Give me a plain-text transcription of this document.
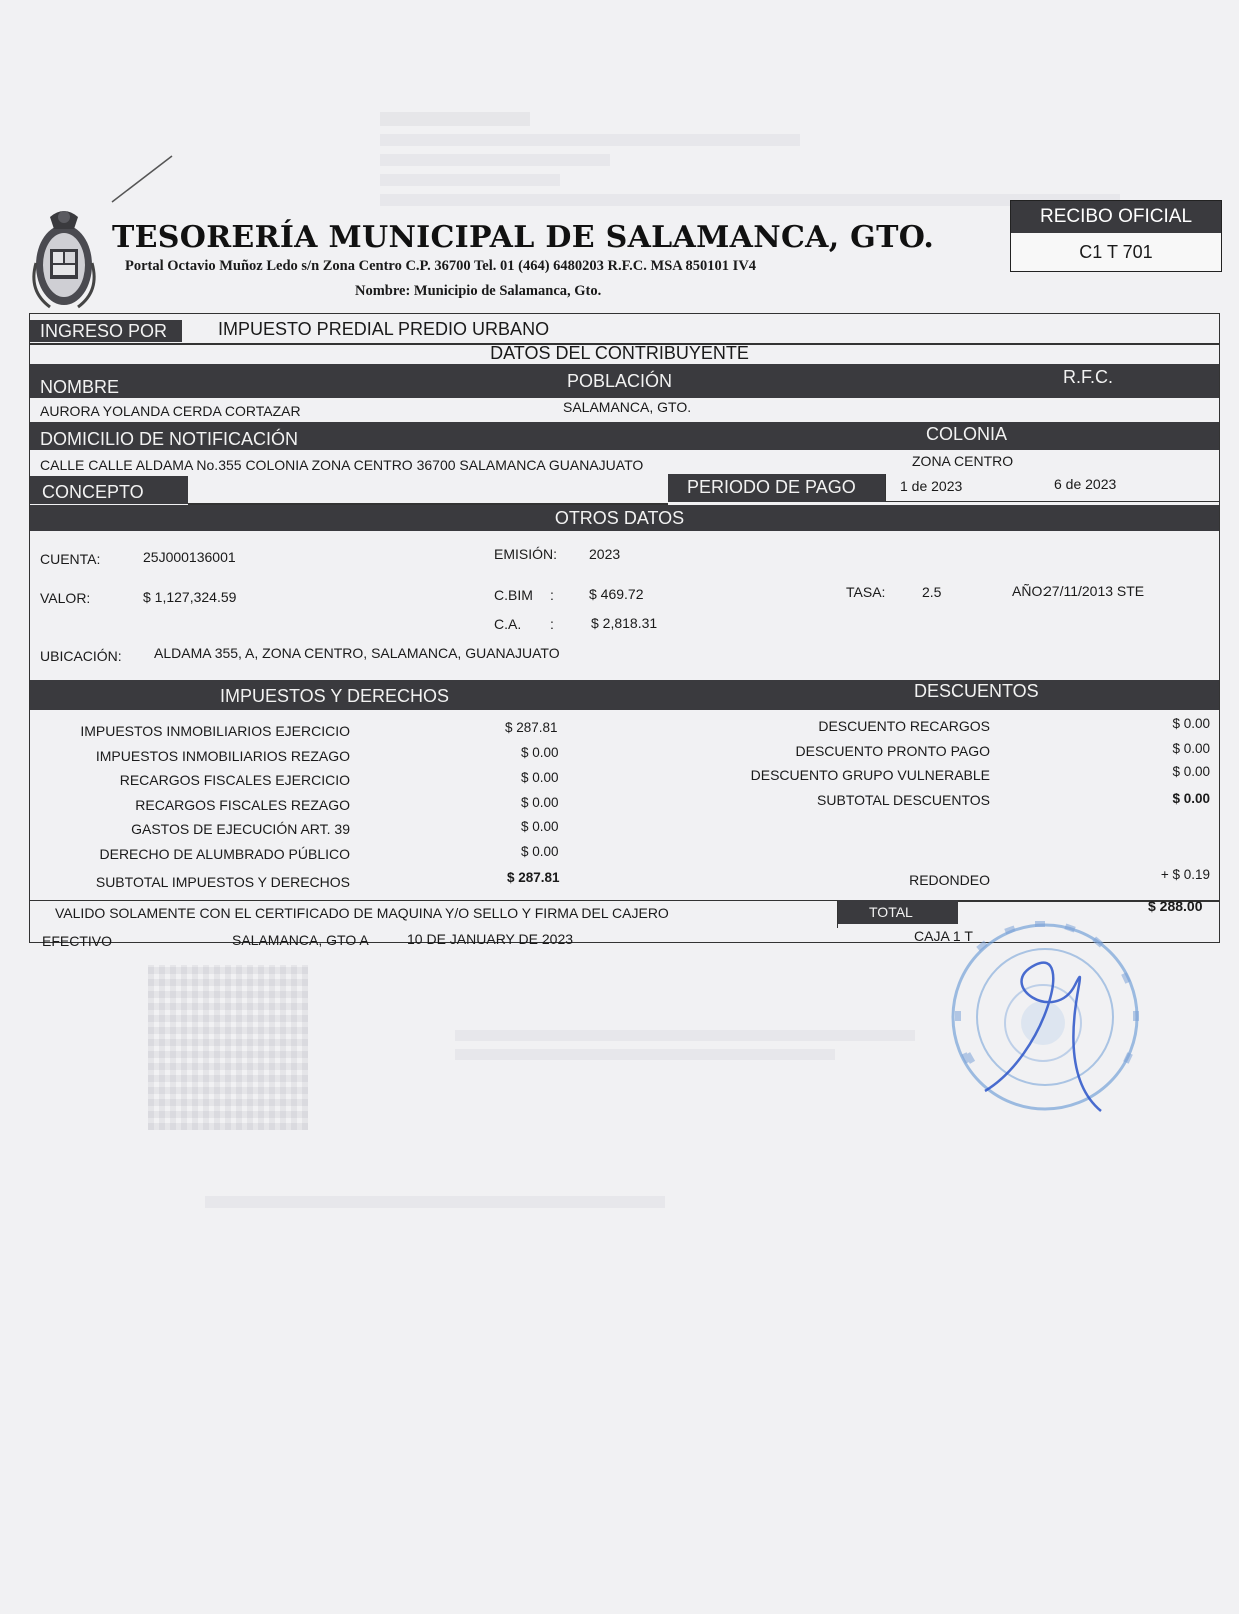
TESORERÍA MUNICIPAL DE SALAMANCA, GTO.
Portal Octavio Muñoz Ledo s/n Zona Centro C.P. 36700 Tel. 01 (464) 6480203 R.F.C. MSA 850101 IV4
Nombre: Municipio de Salamanca, Gto.
RECIBO OFICIAL
C1 T 701
INGRESO POR	IMPUESTO PREDIAL PREDIO URBANO
DATOS DEL CONTRIBUYENTE
NOMBRE	POBLACIÓN	R.F.C.
AURORA YOLANDA CERDA CORTAZAR	SALAMANCA, GTO.
DOMICILIO DE NOTIFICACIÓN	COLONIA
CALLE CALLE ALDAMA No.355 COLONIA ZONA CENTRO 36700 SALAMANCA GUANAJUATO	ZONA CENTRO
CONCEPTO	PERIODO DE PAGO	1 de 2023	6 de 2023
OTROS DATOS
CUENTA:	25J000136001	EMISIÓN: 2023
VALOR:	$ 1,127,324.59	C.BIM :	$ 469.72	TASA:	2.5	AÑO:
27/11/2013 STE
C.A. :	$ 2,818.31
UBICACIÓN: ALDAMA 355, A, ZONA CENTRO, SALAMANCA, GUANAJUATO
IMPUESTOS Y DERECHOS	DESCUENTOS
IMPUESTOS INMOBILIARIOS EJERCICIO	$ 287.81
IMPUESTOS INMOBILIARIOS REZAGO	$ 0.00
RECARGOS FISCALES EJERCICIO	$ 0.00
RECARGOS FISCALES REZAGO	$ 0.00
GASTOS DE EJECUCIÓN ART. 39	$ 0.00
DERECHO DE ALUMBRADO PÚBLICO	$ 0.00
SUBTOTAL IMPUESTOS Y DERECHOS	$ 287.81
DESCUENTO RECARGOS	$ 0.00
DESCUENTO PRONTO PAGO	$ 0.00
DESCUENTO GRUPO VULNERABLE	$ 0.00
SUBTOTAL DESCUENTOS	$ 0.00
REDONDEO	+ $ 0.19
VALIDO SOLAMENTE CON EL CERTIFICADO DE MAQUINA Y/O SELLO Y FIRMA DEL CAJERO	TOTAL	$ 288.00
EFECTIVO	SALAMANCA, GTO A	10 DE JANUARY DE 2023	CAJA 1 T
